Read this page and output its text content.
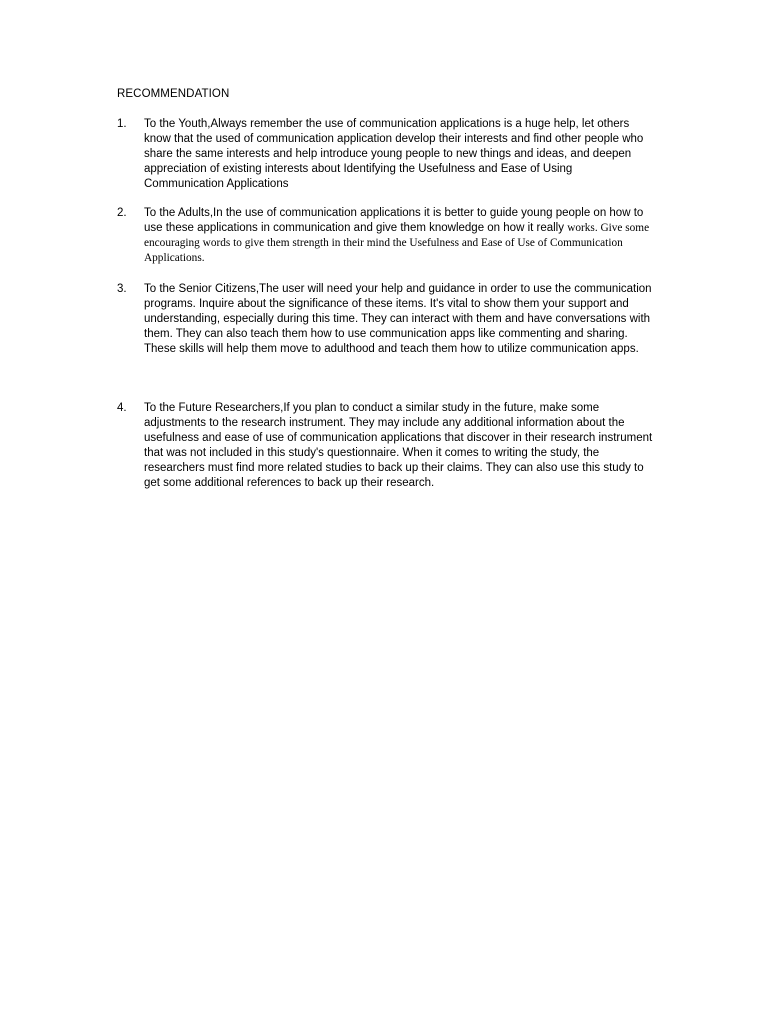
RECOMMENDATION
1.	To the Youth,Always remember the use of communication applications is a huge help, let others know that the used of communication application develop their interests and find other people who share the same interests and help introduce young people to new things and ideas, and deepen appreciation of existing interests about Identifying the Usefulness and Ease of Using Communication Applications
2.	To the Adults,In the use of communication applications it is better to guide young people on how to use these applications in communication and give them knowledge on how it really works. Give some encouraging words to give them strength in their mind the Usefulness and Ease of Use of Communication Applications.
3.	To the Senior Citizens,The user will need your help and guidance in order to use the communication programs. Inquire about the significance of these items. It's vital to show them your support and understanding, especially during this time. They can interact with them and have conversations with them. They can also teach them how to use communication apps like commenting and sharing. These skills will help them move to adulthood and teach them how to utilize communication apps.
4.	To the Future Researchers,If you plan to conduct a similar study in the future, make some adjustments to the research instrument. They may include any additional information about the usefulness and ease of use of communication applications that discover in their research instrument that was not included in this study's questionnaire. When it comes to writing the study, the researchers must find more related studies to back up their claims. They can also use this study to get some additional references to back up their research.
